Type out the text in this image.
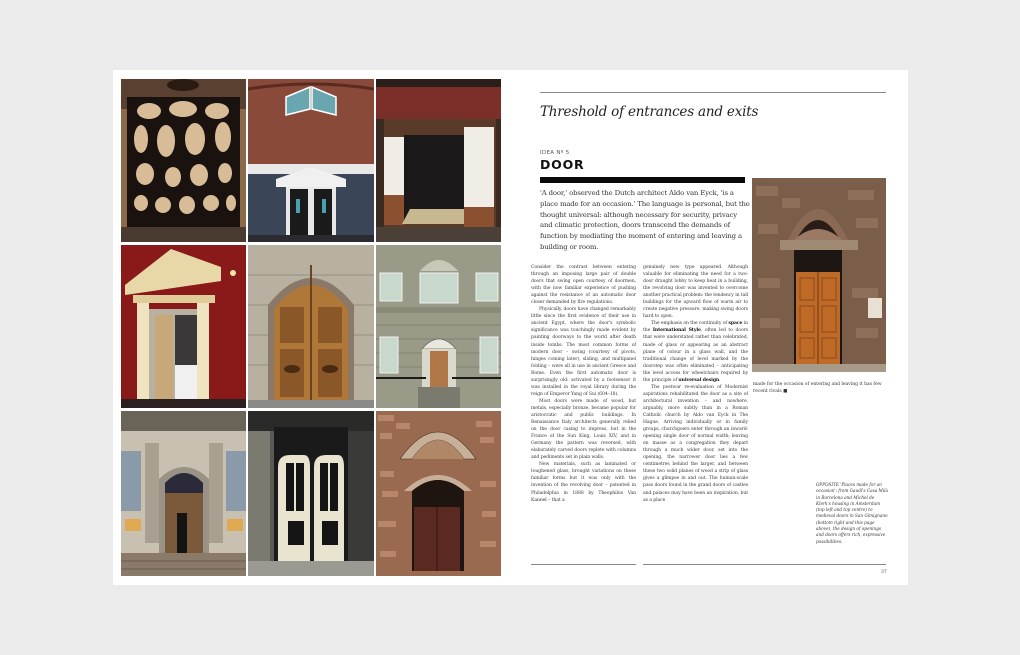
Threshold of entrances and exits
IDEA Nº 5
DOOR
'A door,' observed the Dutch architect Aldo van Eyck, 'is a place made for an occasion.' The language is personal, but the thought universal: although necessary for security, privacy and climatic protection, doors transcend the demands of function by mediating the moment of entering and leaving a building or room.

Consider the contrast between entering through an imposing large pair of double doors that swing open courtesy of doormen, with the now familiar experience of pushing against the resistance of an automatic door closer demanded by fire regulations.

Physically, doors have changed remarkably little since the first evidence of their use in ancient Egypt, where the door's symbolic significance was touchingly made evident by painting doorways to the world after death inside tombs. The most common forms of modern door – swing (courtesy of pivots, hinges coming later), sliding, and multipanel folding – were all in use in ancient Greece and Rome. Even the first automatic door is surprisingly old: activated by a footsensor it was installed in the royal library during the reign of Emperor Yang of Sui (604–18).

Most doors were made of wood, but metals, especially bronze, became popular for aristocratic and public buildings. In Renaissance Italy architects generally relied on the door casing to impress, but in the France of the Sun King, Louis XIV, and in Germany the pattern was reversed, with elaborately carved doors replete with columns and pediments set in plain walls.

New materials, such as laminated or toughened glass, brought variations on these familiar forms but it was only with the invention of the revolving door – patented in Philadelphia in 1888 by Theophilus Van Kannel – that a

genuinely new type appeared. Although valuable for eliminating the need for a two-door draught lobby to keep heat in a building, the revolving door was invented to overcome another practical problem: the tendency in tall buildings for the upward flow of warm air to create negative pressure, making swing doors hard to open.

The emphasis on the continuity of space in the International Style, often led to doors that were understated rather than celebrated, made of glass or appearing as an abstract plane of colour in a glass wall, and the traditional change of level marked by the doorstep was often eliminated – anticipating the level access for wheelchairs required by the principle of universal design.

The postwar re-evaluation of Modernist aspirations rehabilitated the door as a site of architectural invention – and nowhere, arguably, more subtly than in a Roman Catholic church by Aldo van Eyck in The Hague. Arriving individually or in family groups, churchgoers enter through an inward-opening single door of normal width; leaving en masse as a congregation they depart through a much wider door, set into the opening, the narrower door lies a few centimetres behind the larger, and between these two solid planes of wood a strip of glass gives a glimpse in and out. The human-scale pass doors found in the grand doors of castles and palaces may have been an inspiration, but as a place

made for the occasion of entering and leaving it has few recent rivals ■
OPPOSITE 'Places made for an occasion': from Gaudí's Casa Milà in Barcelona and Michel de Klerk's housing in Amsterdam (top left and top centre) to medieval doors in San Gimignano (bottom right and this page above), the design of openings and doors offers rich, expressive possibilities.
37
